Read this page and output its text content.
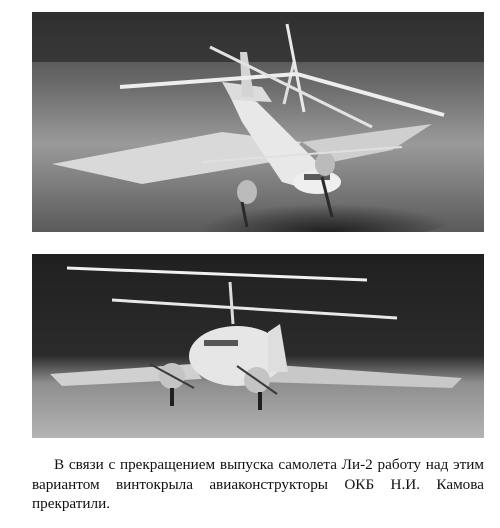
В связи с прекращением выпуска самолета Ли-2 работу над этим вариантом винтокрыла авиаконструкторы ОКБ Н.И. Камова прекратили.
